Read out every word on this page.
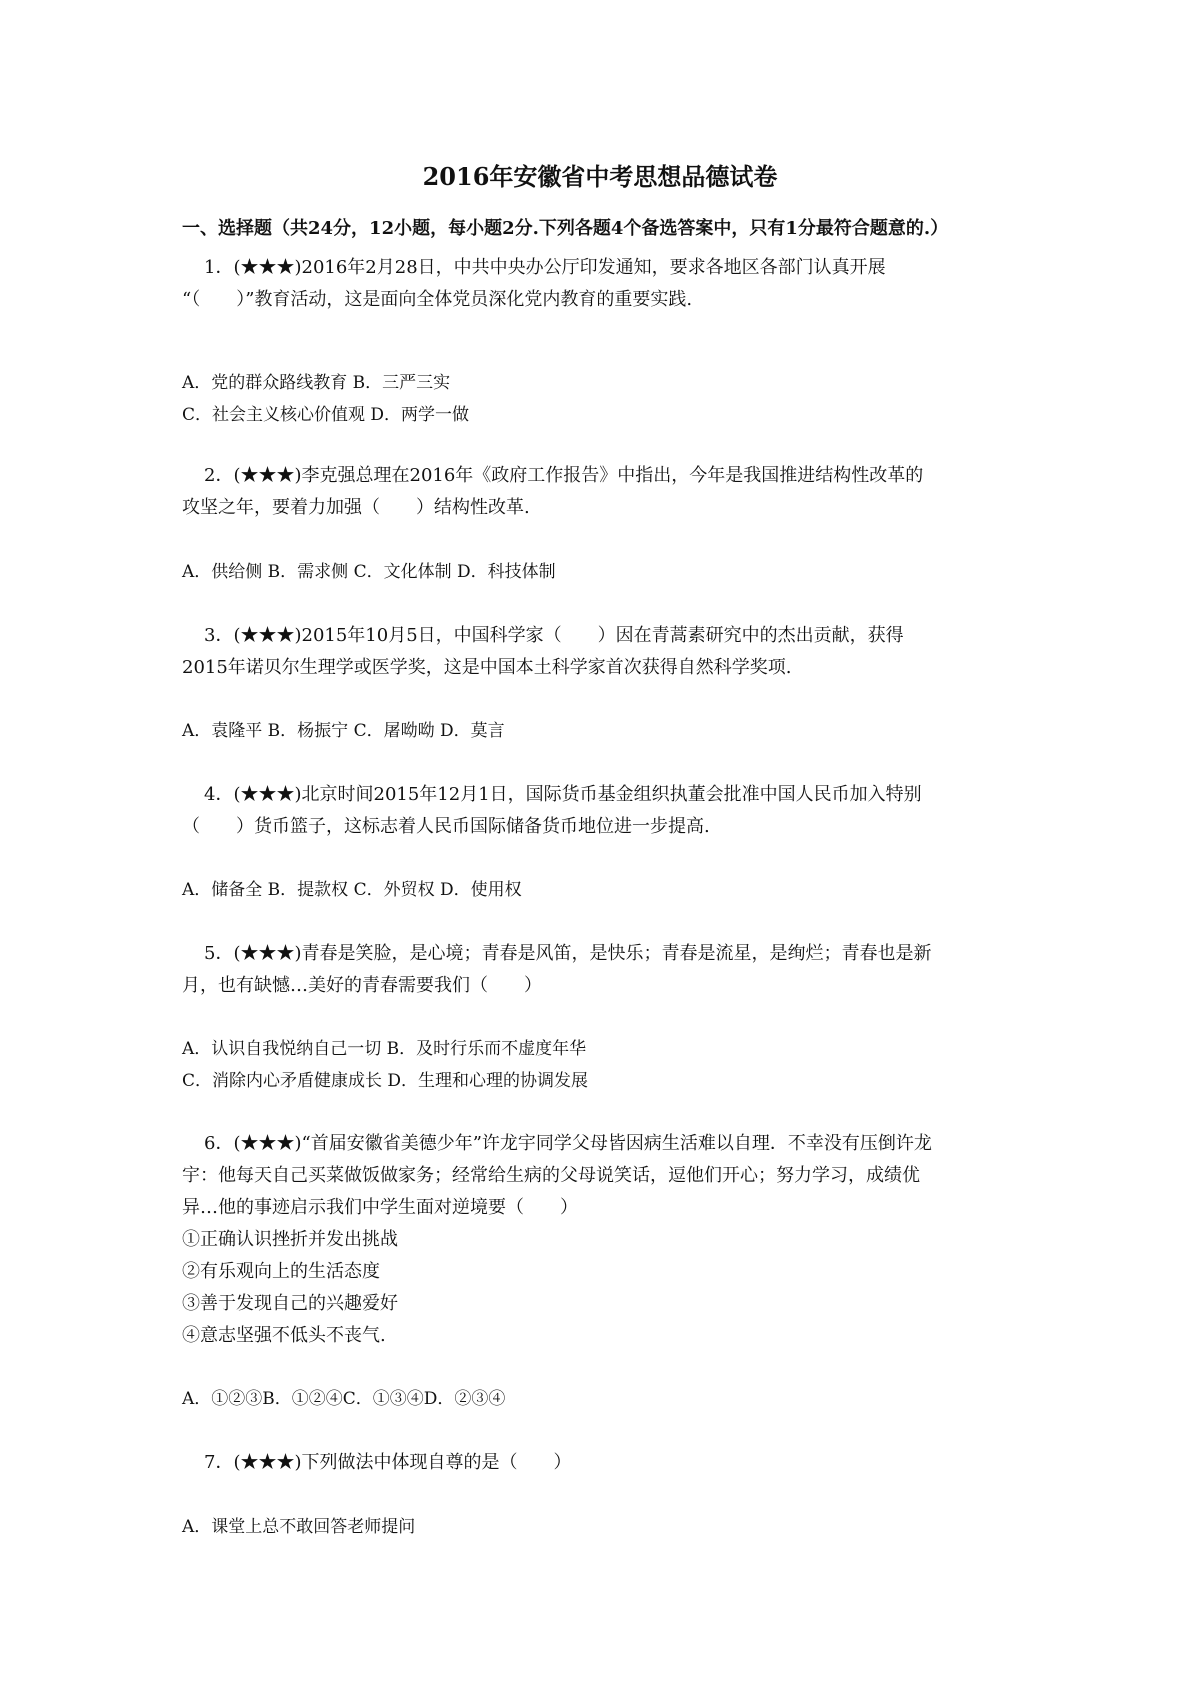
2016年安徽省中考思想品德试卷
一、选择题（共24分，12小题，每小题2分.下列各题4个备选答案中，只有1分最符合题意的.）

1．(★★★)2016年2月28日，中共中央办公厅印发通知，要求各地区各部门认真开展

“（　　）”教育活动，这是面向全体党员深化党内教育的重要实践.

A．党的群众路线教育 B．三严三实

C．社会主义核心价值观 D．两学一做

2．(★★★)李克强总理在2016年《政府工作报告》中指出，今年是我国推进结构性改革的

攻坚之年，要着力加强（　　）结构性改革.

A．供给侧 B．需求侧 C．文化体制 D．科技体制

3．(★★★)2015年10月5日，中国科学家（　　）因在青蒿素研究中的杰出贡献，获得

2015年诺贝尔生理学或医学奖，这是中国本土科学家首次获得自然科学奖项.

A．袁隆平 B．杨振宁 C．屠呦呦 D．莫言

4．(★★★)北京时间2015年12月1日，国际货币基金组织执董会批准中国人民币加入特别

（　　）货币篮子，这标志着人民币国际储备货币地位进一步提高.

A．储备全 B．提款权 C．外贸权 D．使用权

5．(★★★)青春是笑脸，是心境；青春是风笛，是快乐；青春是流星，是绚烂；青春也是新

月，也有缺憾…美好的青春需要我们（　　）

A．认识自我悦纳自己一切 B．及时行乐而不虚度年华

C．消除内心矛盾健康成长 D．生理和心理的协调发展

6．(★★★)“首届安徽省美德少年”许龙宇同学父母皆因病生活难以自理．不幸没有压倒许龙

宇：他每天自己买菜做饭做家务；经常给生病的父母说笑话，逗他们开心；努力学习，成绩优

异…他的事迹启示我们中学生面对逆境要（　　）

①正确认识挫折并发出挑战

②有乐观向上的生活态度

③善于发现自己的兴趣爱好

④意志坚强不低头不丧气.

A．①②③B．①②④C．①③④D．②③④

7．(★★★)下列做法中体现自尊的是（　　）

A．课堂上总不敢回答老师提问
